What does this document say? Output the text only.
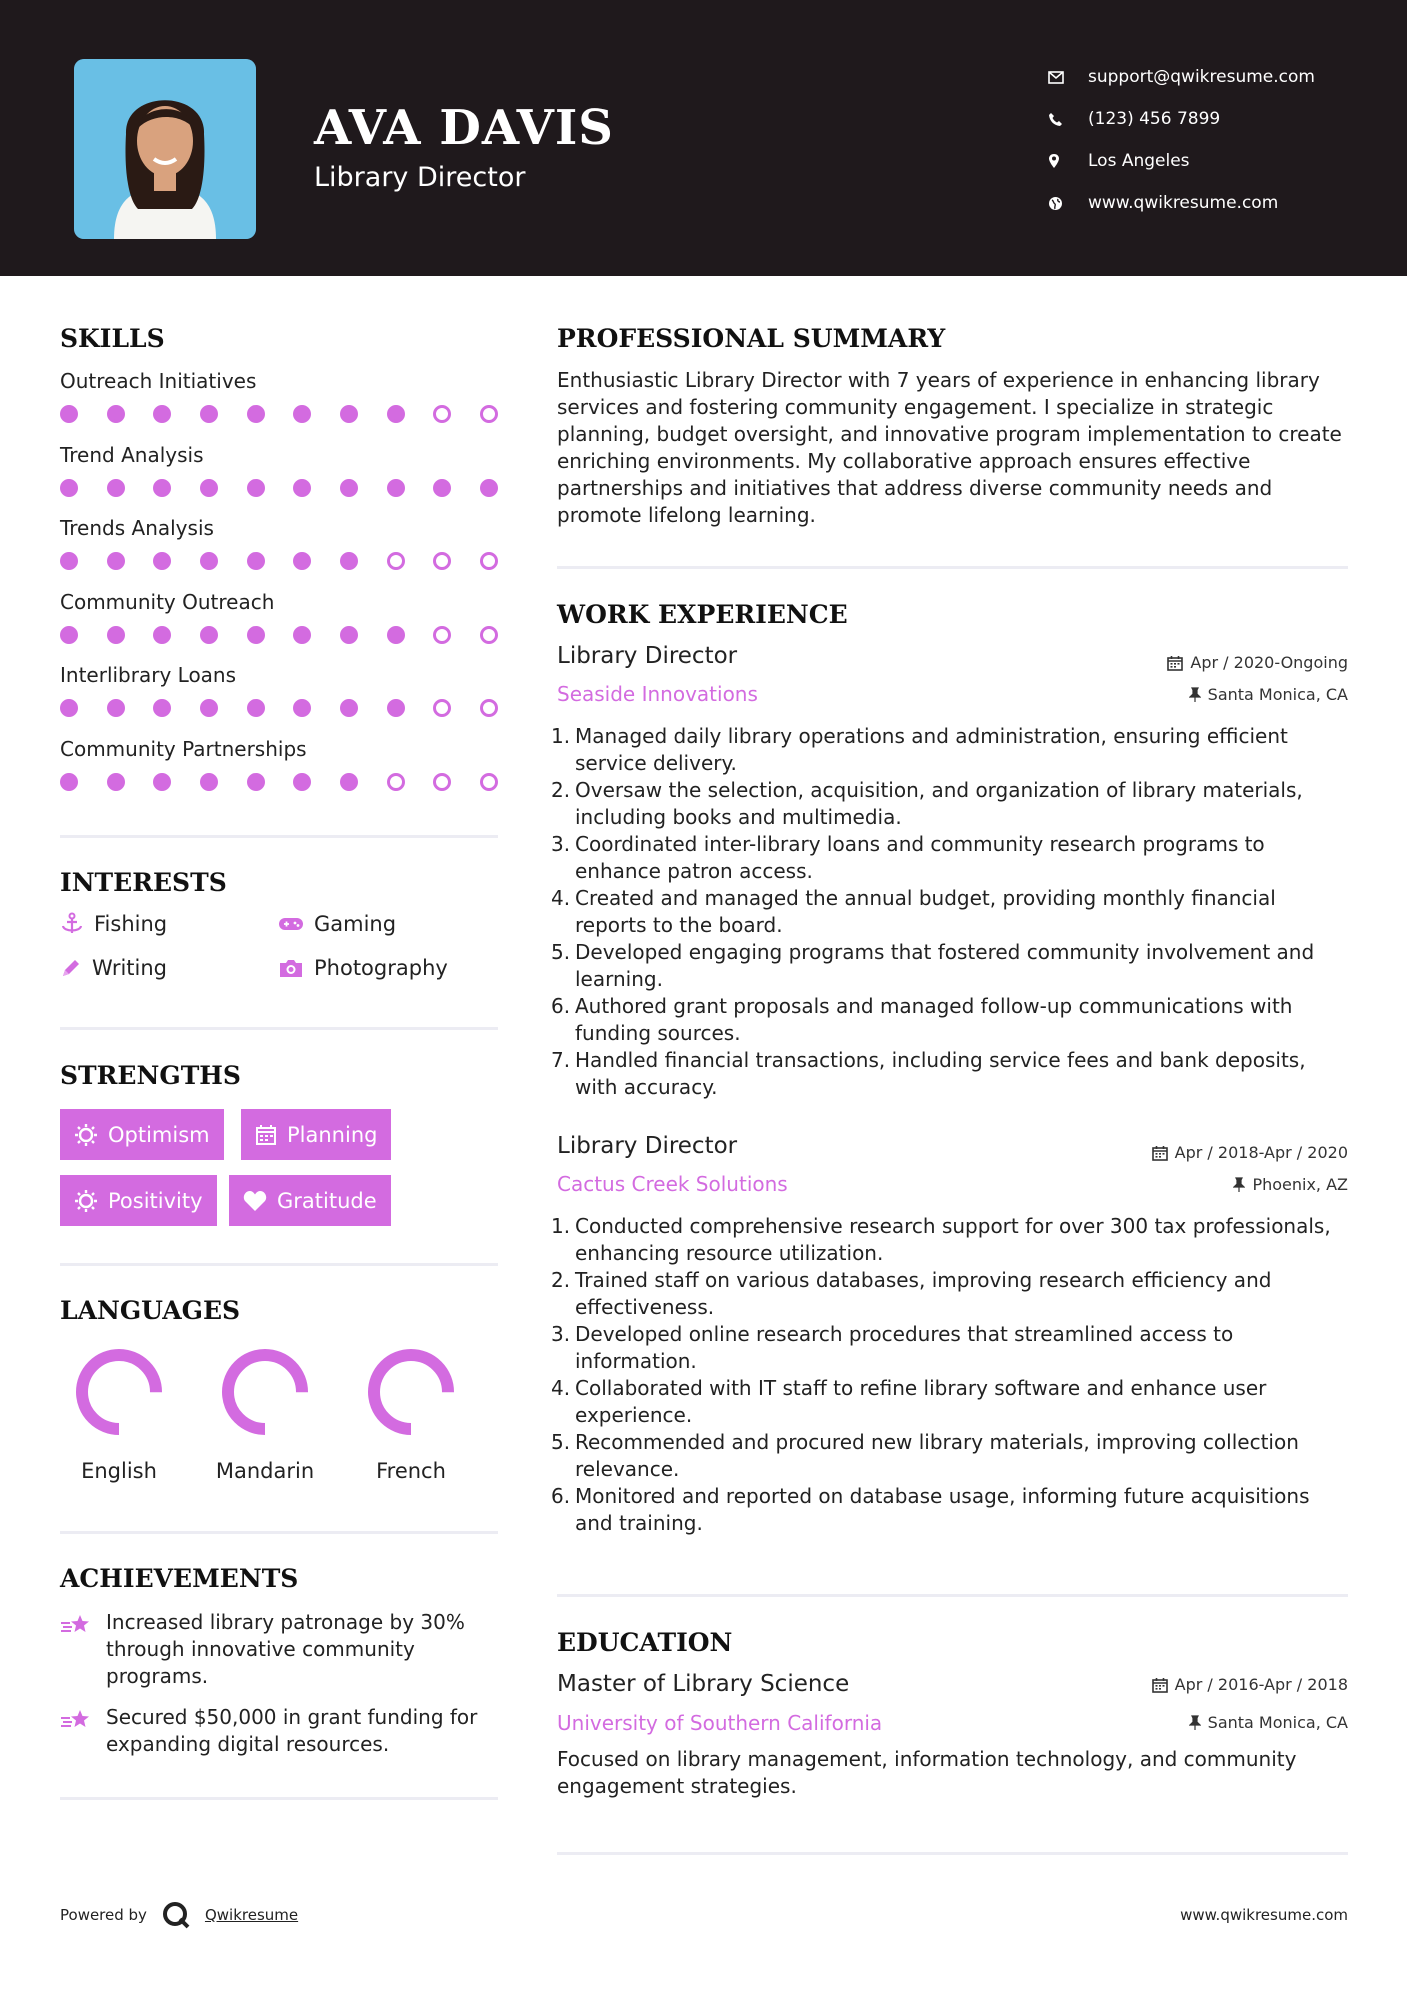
AVA DAVIS
Library Director
support@qwikresume.com
(123) 456 7899
Los Angeles
www.qwikresume.com
SKILLS
Outreach Initiatives
Trend Analysis
Trends Analysis
Community Outreach
Interlibrary Loans
Community Partnerships
INTERESTS
Fishing	Gaming
Writing	Photography
STRENGTHS
Optimism	Planning
Positivity	Gratitude
LANGUAGES
English	Mandarin	French
ACHIEVEMENTS
Increased library patronage by 30% through innovative community programs.
Secured $50,000 in grant funding for expanding digital resources.
PROFESSIONAL SUMMARY
Enthusiastic Library Director with 7 years of experience in enhancing library services and fostering community engagement. I specialize in strategic planning, budget oversight, and innovative program implementation to create enriching environments. My collaborative approach ensures effective partnerships and initiatives that address diverse community needs and promote lifelong learning.
WORK EXPERIENCE
Library Director	Apr / 2020-Ongoing
Seaside Innovations	Santa Monica, CA
1. Managed daily library operations and administration, ensuring efficient service delivery.
2. Oversaw the selection, acquisition, and organization of library materials, including books and multimedia.
3. Coordinated inter-library loans and community research programs to enhance patron access.
4. Created and managed the annual budget, providing monthly financial reports to the board.
5. Developed engaging programs that fostered community involvement and learning.
6. Authored grant proposals and managed follow-up communications with funding sources.
7. Handled financial transactions, including service fees and bank deposits, with accuracy.
Library Director	Apr / 2018-Apr / 2020
Cactus Creek Solutions	Phoenix, AZ
1. Conducted comprehensive research support for over 300 tax professionals, enhancing resource utilization.
2. Trained staff on various databases, improving research efficiency and effectiveness.
3. Developed online research procedures that streamlined access to information.
4. Collaborated with IT staff to refine library software and enhance user experience.
5. Recommended and procured new library materials, improving collection relevance.
6. Monitored and reported on database usage, informing future acquisitions and training.
EDUCATION
Master of Library Science	Apr / 2016-Apr / 2018
University of Southern California	Santa Monica, CA
Focused on library management, information technology, and community engagement strategies.
Powered by	Qwikresume	www.qwikresume.com
